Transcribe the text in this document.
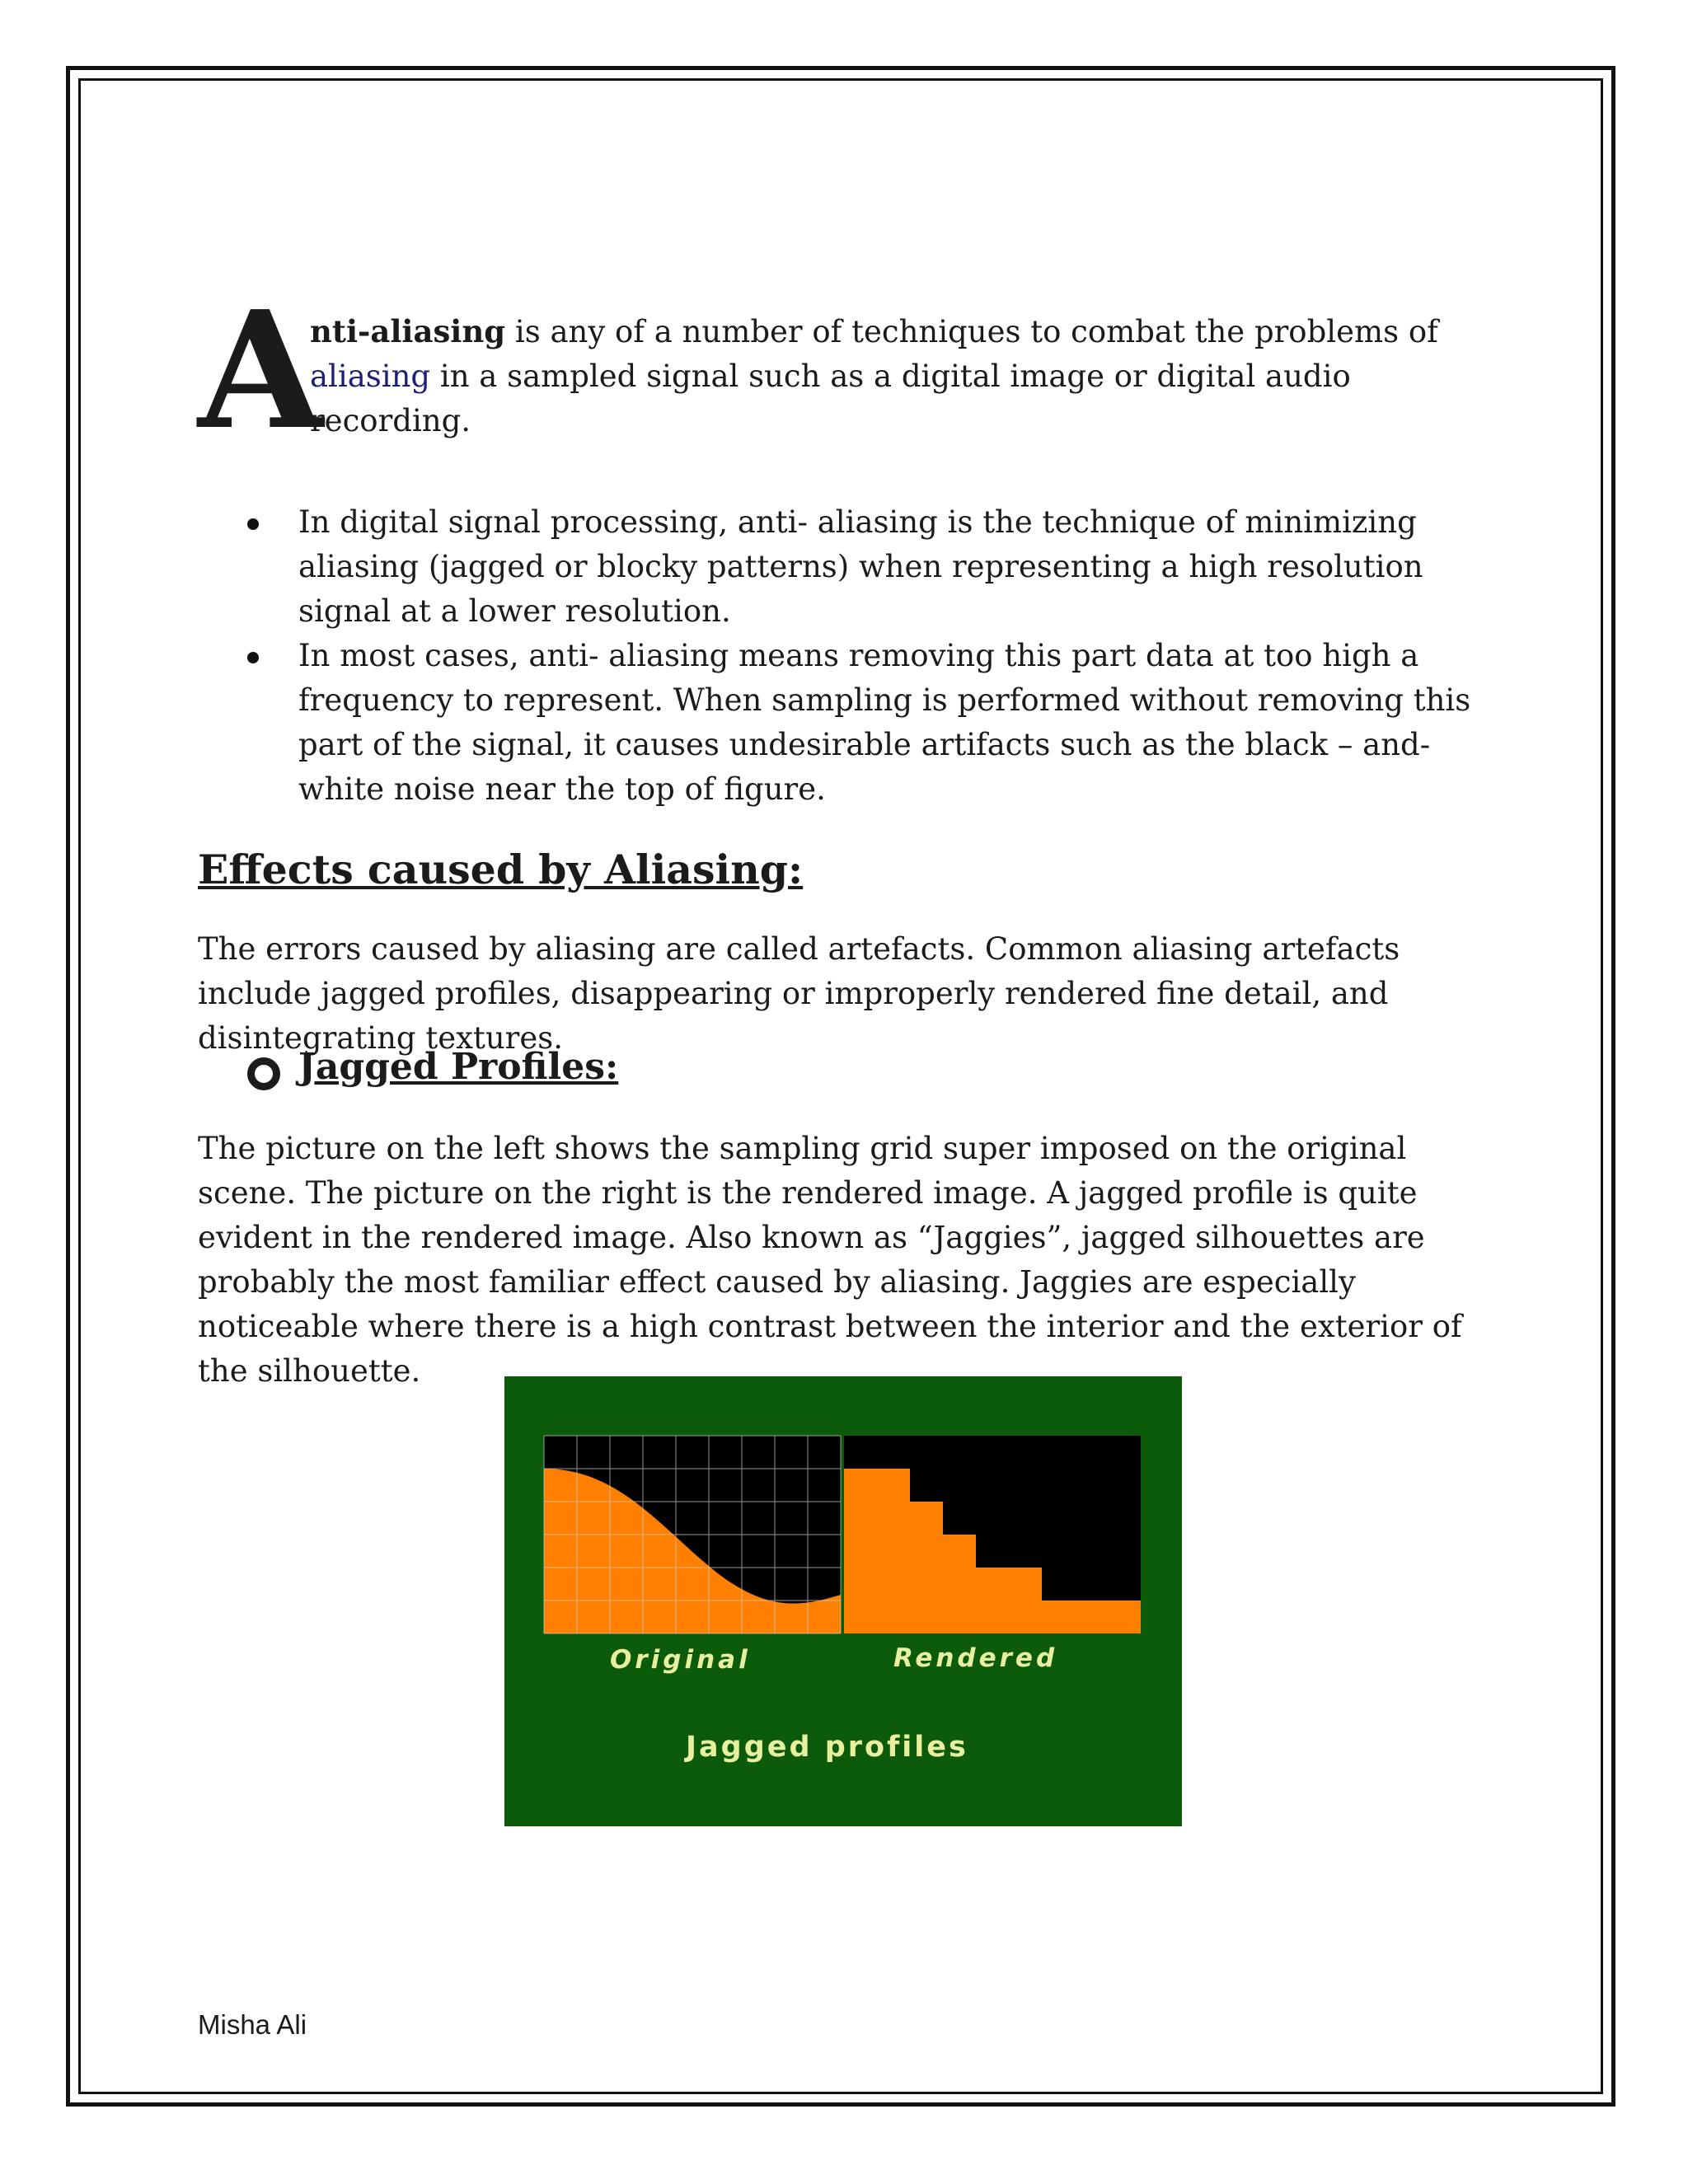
A
nti-aliasing is any of a number of techniques to combat the problems of aliasing in a sampled signal such as a digital image or digital audio recording.
In digital signal processing, anti- aliasing is the technique of minimizing aliasing (jagged or blocky patterns) when representing a high resolution signal at a lower resolution.
In most cases, anti- aliasing means removing this part data at too high a frequency to represent. When sampling is performed without removing this part of the signal, it causes undesirable artifacts such as the black – and- white noise near the top of figure.
Effects caused by Aliasing:
The errors caused by aliasing are called artefacts. Common aliasing artefacts include jagged profiles, disappearing or improperly rendered fine detail, and disintegrating textures.
Jagged Profiles:
The picture on the left shows the sampling grid super imposed on the original scene. The picture on the right is the rendered image. A jagged profile is quite evident in the rendered image. Also known as “Jaggies”, jagged silhouettes are probably the most familiar effect caused by aliasing. Jaggies are especially noticeable where there is a high contrast between the interior and the exterior of the silhouette.
Original	Rendered
Jagged profiles
Misha Ali
